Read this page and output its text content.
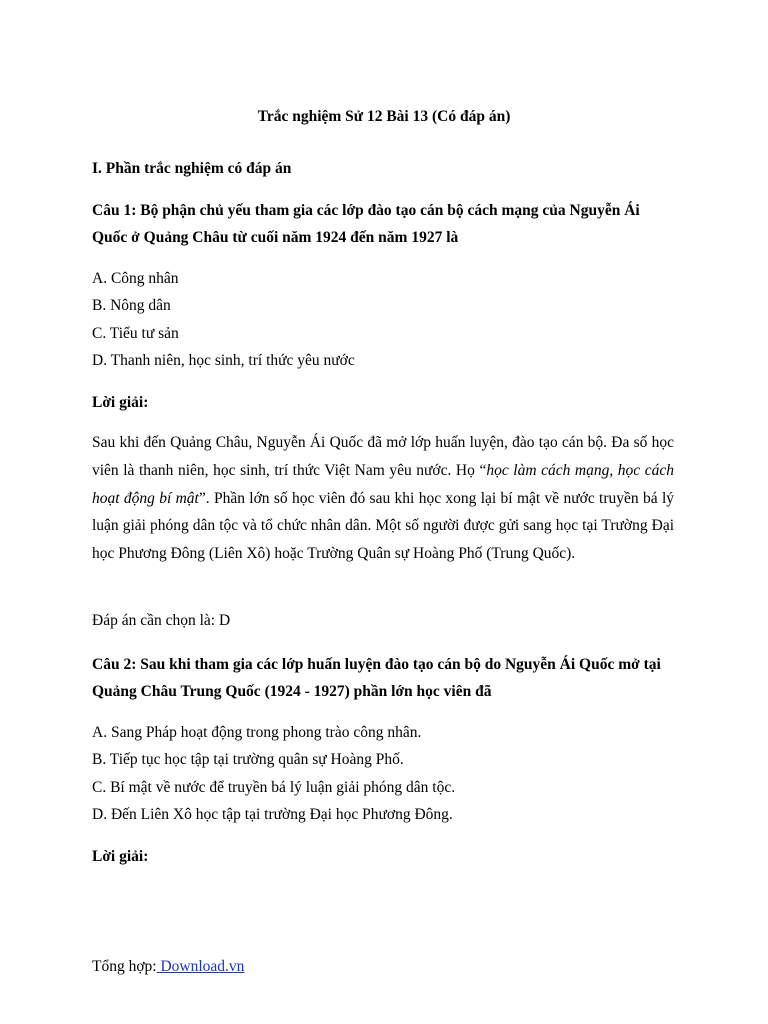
Trắc nghiệm Sử 12 Bài 13 (Có đáp án)
I. Phần trắc nghiệm có đáp án
Câu 1: Bộ phận chủ yếu tham gia các lớp đào tạo cán bộ cách mạng của Nguyễn Ái Quốc ở Quảng Châu từ cuối năm 1924 đến năm 1927 là
A. Công nhân
B. Nông dân
C. Tiểu tư sản
D. Thanh niên, học sinh, trí thức yêu nước
Lời giải:
Sau khi đến Quảng Châu, Nguyễn Ái Quốc đã mở lớp huấn luyện, đào tạo cán bộ. Đa số học viên là thanh niên, học sinh, trí thức Việt Nam yêu nước. Họ “học làm cách mạng, học cách hoạt động bí mật”. Phần lớn số học viên đó sau khi học xong lại bí mật về nước truyền bá lý luận giải phóng dân tộc và tổ chức nhân dân. Một số người được gửi sang học tại Trường Đại học Phương Đông (Liên Xô) hoặc Trường Quân sự Hoàng Phố (Trung Quốc).
Đáp án cần chọn là: D
Câu 2: Sau khi tham gia các lớp huấn luyện đào tạo cán bộ do Nguyễn Ái Quốc mở tại Quảng Châu Trung Quốc (1924 - 1927) phần lớn học viên đã
A. Sang Pháp hoạt động trong phong trào công nhân.
B. Tiếp tục học tập tại trường quân sự Hoàng Phố.
C. Bí mật về nước để truyền bá lý luận giải phóng dân tộc.
D. Đến Liên Xô học tập tại trường Đại học Phương Đông.
Lời giải:
Tổng hợp: Download.vn
